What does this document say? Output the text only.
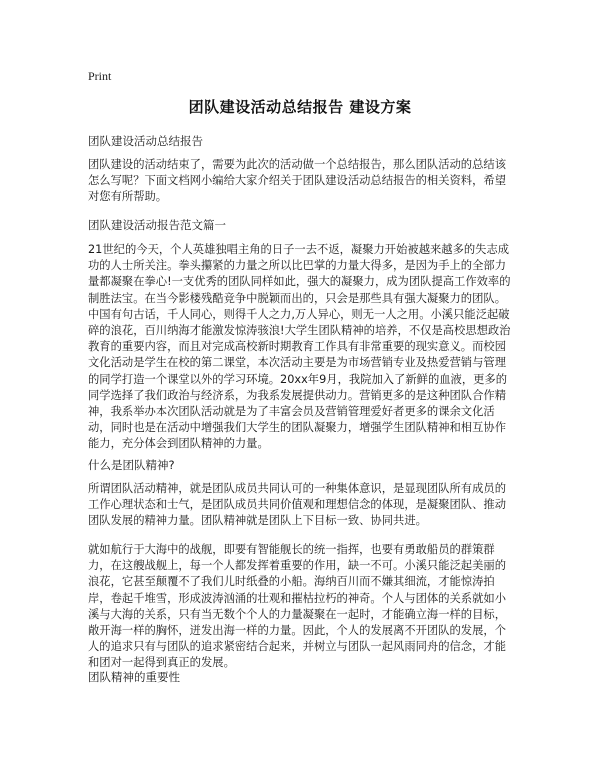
Print
团队建设活动总结报告 建设方案

团队建设活动总结报告

团队建设的活动结束了，需要为此次的活动做一个总结报告，那么团队活动的总结该怎么写呢？下面文档网小编给大家介绍关于团队建设活动总结报告的相关资料，希望对您有所帮助。

团队建设活动报告范文篇一

21世纪的今天，个人英雄独唱主角的日子一去不返，凝聚力开始被越来越多的失志成功的人士所关注。拳头攥紧的力量之所以比巴掌的力量大得多，是因为手上的全部力量都凝聚在拳心!一支优秀的团队同样如此，强大的凝聚力，成为团队提高工作效率的制胜法宝。在当今影楼残酷竞争中脱颖而出的，只会是那些具有强大凝聚力的团队。中国有句古话，千人同心，则得千人之力,万人异心，则无一人之用。小溪只能泛起破碎的浪花，百川纳海才能激发惊涛骇浪!大学生团队精神的培养，不仅是高校思想政治教育的重要内容，而且对完成高校新时期教育工作具有非常重要的现实意义。而校园文化活动是学生在校的第二课堂，本次活动主要是为市场营销专业及热爱营销与管理的同学打造一个课堂以外的学习环境。20xx年9月，我院加入了新鲜的血液，更多的同学选择了我们政治与经济系，为我系发展提供动力。营销更多的是这种团队合作精神，我系举办本次团队活动就是为了丰富会员及营销管理爱好者更多的课余文化活动，同时也是在活动中增强我们大学生的团队凝聚力，增强学生团队精神和相互协作能力，充分体会到团队精神的力量。

什么是团队精神?

所谓团队活动精神，就是团队成员共同认可的一种集体意识，是显现团队所有成员的工作心理状态和士气，是团队成员共同价值观和理想信念的体现，是凝聚团队、推动团队发展的精神力量。团队精神就是团队上下目标一致、协同共进。

就如航行于大海中的战舰，即要有智能舰长的统一指挥，也要有勇敢船员的群策群力，在这艘战舰上，每一个人都发挥着重要的作用，缺一不可。小溪只能泛起美丽的浪花，它甚至颠覆不了我们儿时纸叠的小船。海纳百川而不嫌其细流，才能惊涛拍岸，卷起千堆雪，形成波涛汹涌的壮观和摧枯拉朽的神奇。个人与团体的关系就如小溪与大海的关系，只有当无数个个人的力量凝聚在一起时，才能确立海一样的目标，敞开海一样的胸怀，迸发出海一样的力量。因此，个人的发展离不开团队的发展，个人的追求只有与团队的追求紧密结合起来，并树立与团队一起风雨同舟的信念，才能和团对一起得到真正的发展。

团队精神的重要性
